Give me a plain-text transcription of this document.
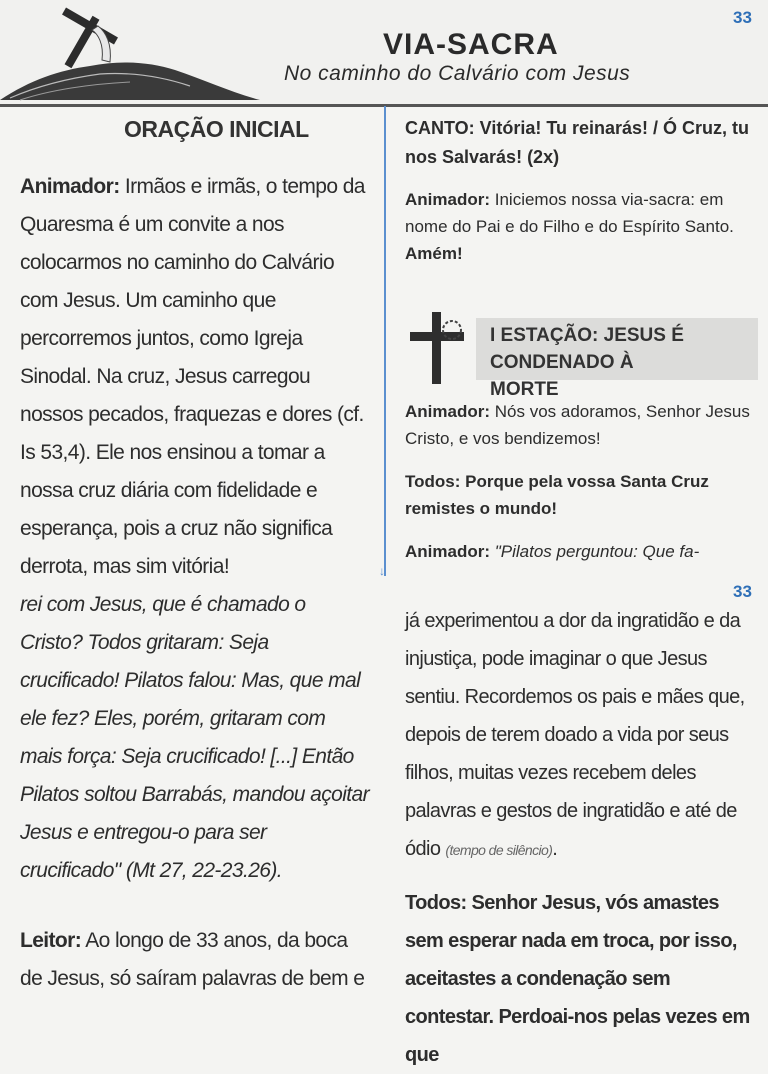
VIA-SACRA
No caminho do Calvário com Jesus
33
↓
ORAÇÃO INICIAL
Animador: Irmãos e irmãs, o tempo da Quaresma é um convite a nos colocarmos no caminho do Calvário com Jesus. Um caminho que percorremos juntos, como Igreja Sinodal. Na cruz, Jesus carregou nossos pecados, fraquezas e dores (cf. Is 53,4). Ele nos ensinou a tomar a nossa cruz diária com fidelidade e esperança, pois a cruz não significa derrota, mas sim vitória!
rei com Jesus, que é chamado o Cristo? Todos gritaram: Seja crucificado! Pilatos falou: Mas, que mal ele fez? Eles, porém, gritaram com mais força: Seja crucificado! [...] Então Pilatos soltou Barrabás, mandou açoitar Jesus e entregou-o para ser crucificado" (Mt 27, 22-23.26).
Leitor: Ao longo de 33 anos, da boca de Jesus, só saíram palavras de bem e
CANTO: Vitória! Tu reinarás! / Ó Cruz, tu nos Salvarás! (2x)
Animador: Iniciemos nossa via-sacra: em nome do Pai e do Filho e do Espírito Santo. Amém!
I ESTAÇÃO: JESUS É CONDENADO À MORTE
Animador: Nós vos adoramos, Senhor Jesus Cristo, e vos bendizemos!
Todos: Porque pela vossa Santa Cruz remistes o mundo!
Animador: "Pilatos perguntou: Que fa-
33
já experimentou a dor da ingratidão e da injustiça, pode imaginar o que Jesus sentiu. Recordemos os pais e mães que, depois de terem doado a vida por seus filhos, muitas vezes recebem deles palavras e gestos de ingratidão e até de ódio (tempo de silêncio).
Todos: Senhor Jesus, vós amastes sem esperar nada em troca, por isso, aceitastes a condenação sem contestar. Perdoai-nos pelas vezes em que
